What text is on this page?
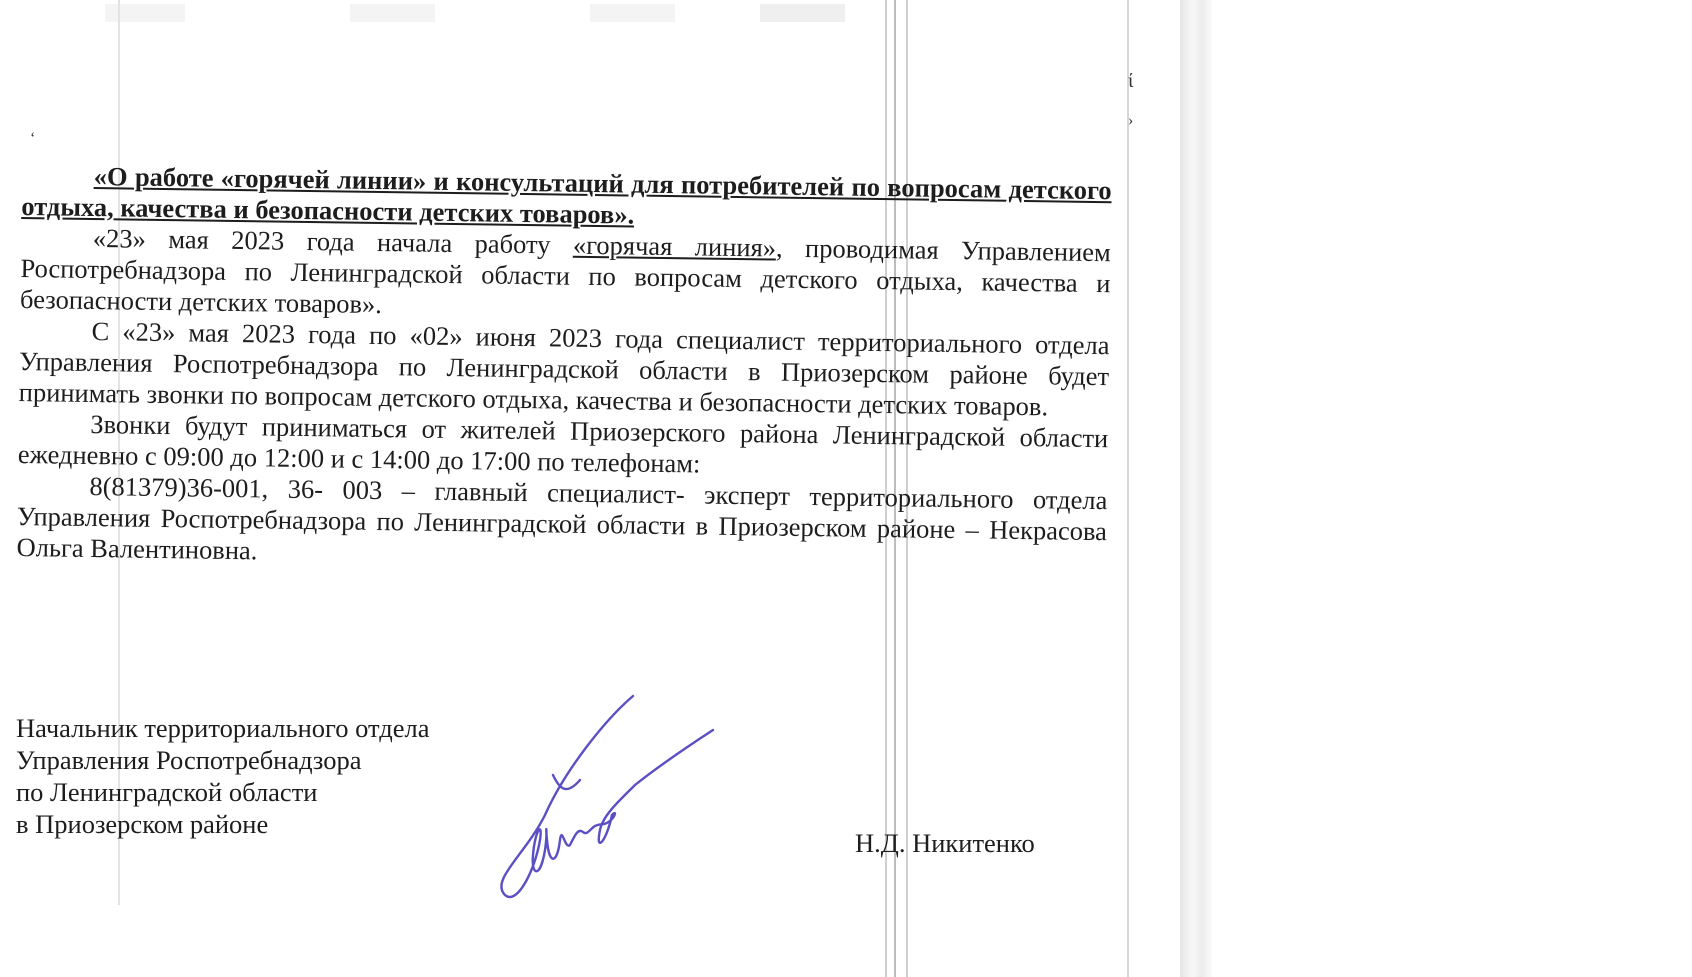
ί
›
ʻ

«О работе «горячей линии» и консультаций для потребителей по вопросам детского отдыха, качества и безопасности детских товаров».

«23» мая 2023 года начала работу «горячая линия», проводимая Управлением Роспотребнадзора по Ленинградской области по вопросам детского отдыха, качества и безопасности детских товаров».

С «23» мая 2023 года по «02» июня 2023 года специалист территориального отдела Управления Роспотребнадзора по Ленинградской области в Приозерском районе будет принимать звонки по вопросам детского отдыха, качества и безопасности детских товаров.

Звонки будут приниматься от жителей Приозерского района Ленинградской области ежедневно с 09:00 до 12:00 и с 14:00 до 17:00 по телефонам:

8(81379)36-001, 36- 003 – главный специалист- эксперт территориального отдела Управления Роспотребнадзора по Ленинградской области в Приозерском районе – Некрасова Ольга Валентиновна.

Начальник территориального отдела
Управления Роспотребнадзора
по Ленинградской области
в Приозерском районе
Н.Д. Никитенко
